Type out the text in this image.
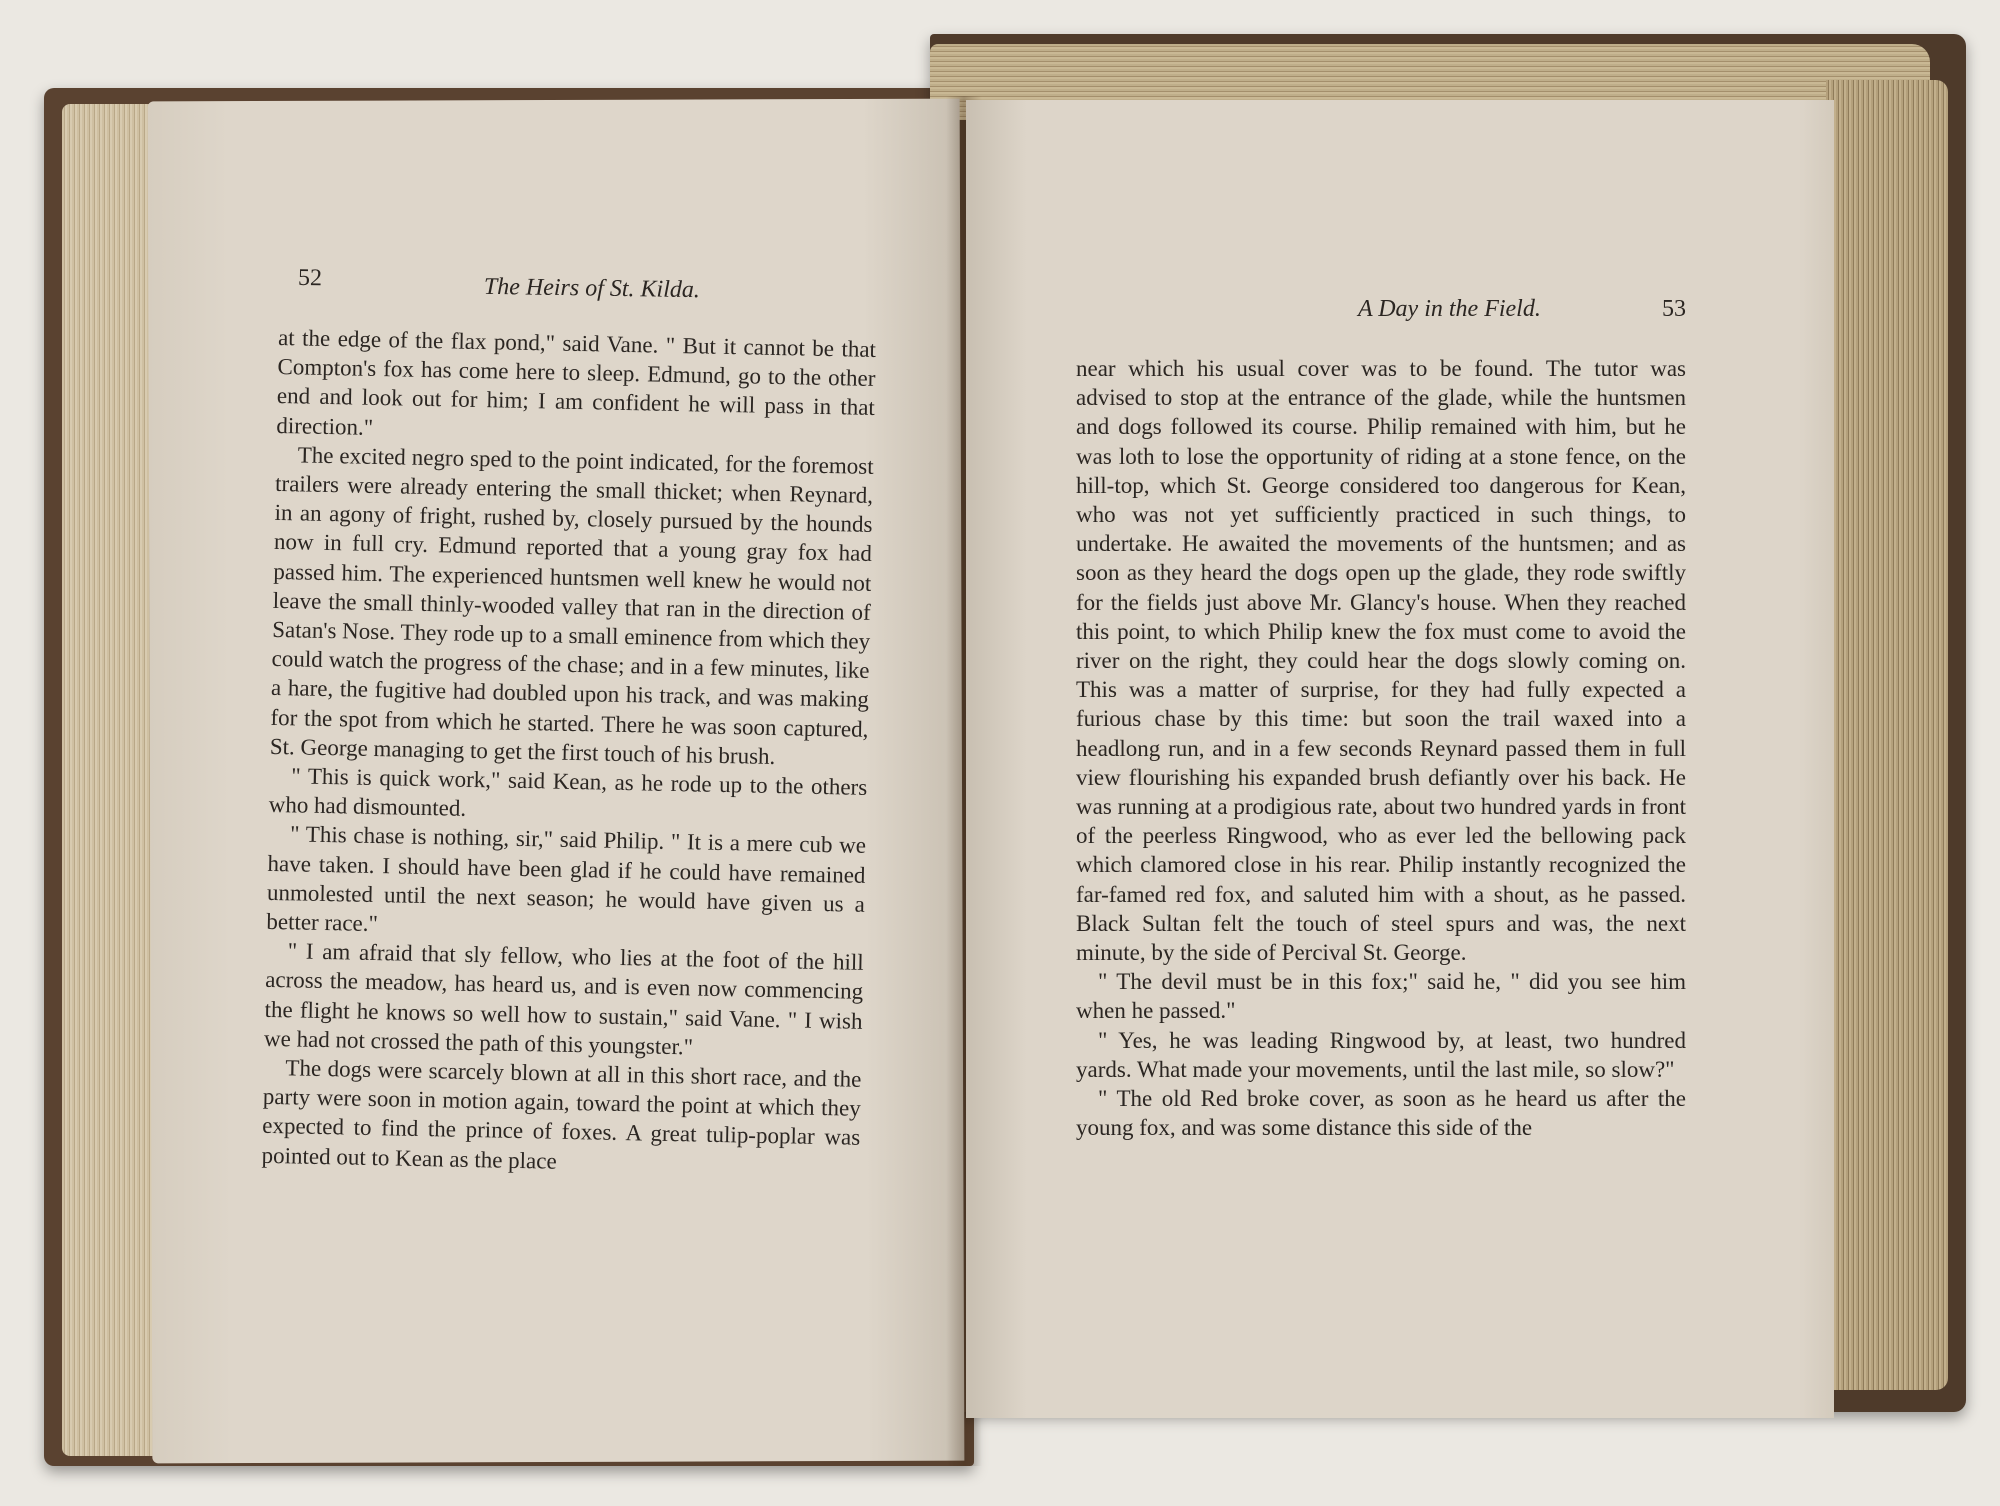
52	The Heirs of St. Kilda.

at the edge of the flax pond," said Vane. " But it cannot be that Compton's fox has come here to sleep. Edmund, go to the other end and look out for him; I am confident he will pass in that direction."

The excited negro sped to the point indicated, for the foremost trailers were already entering the small thicket; when Reynard, in an agony of fright, rushed by, closely pursued by the hounds now in full cry. Edmund reported that a young gray fox had passed him. The experienced huntsmen well knew he would not leave the small thinly-wooded valley that ran in the direction of Satan's Nose. They rode up to a small eminence from which they could watch the progress of the chase; and in a few minutes, like a hare, the fugitive had doubled upon his track, and was making for the spot from which he started. There he was soon captured, St. George managing to get the first touch of his brush.

" This is quick work," said Kean, as he rode up to the others who had dismounted.

" This chase is nothing, sir," said Philip. " It is a mere cub we have taken. I should have been glad if he could have remained unmolested until the next season; he would have given us a better race."

" I am afraid that sly fellow, who lies at the foot of the hill across the meadow, has heard us, and is even now commencing the flight he knows so well how to sustain," said Vane. " I wish we had not crossed the path of this youngster."

The dogs were scarcely blown at all in this short race, and the party were soon in motion again, toward the point at which they expected to find the prince of foxes. A great tulip-poplar was pointed out to Kean as the place

A Day in the Field.	53

near which his usual cover was to be found. The tutor was advised to stop at the entrance of the glade, while the huntsmen and dogs followed its course. Philip remained with him, but he was loth to lose the opportunity of riding at a stone fence, on the hill-top, which St. George considered too dangerous for Kean, who was not yet sufficiently practiced in such things, to undertake. He awaited the movements of the huntsmen; and as soon as they heard the dogs open up the glade, they rode swiftly for the fields just above Mr. Glancy's house. When they reached this point, to which Philip knew the fox must come to avoid the river on the right, they could hear the dogs slowly coming on. This was a matter of surprise, for they had fully expected a furious chase by this time: but soon the trail waxed into a headlong run, and in a few seconds Reynard passed them in full view flourishing his expanded brush defiantly over his back. He was running at a prodigious rate, about two hundred yards in front of the peerless Ringwood, who as ever led the bellowing pack which clamored close in his rear. Philip instantly recognized the far-famed red fox, and saluted him with a shout, as he passed. Black Sultan felt the touch of steel spurs and was, the next minute, by the side of Percival St. George.

" The devil must be in this fox;" said he, " did you see him when he passed."

" Yes, he was leading Ringwood by, at least, two hundred yards. What made your movements, until the last mile, so slow?"

" The old Red broke cover, as soon as he heard us after the young fox, and was some distance this side of the
